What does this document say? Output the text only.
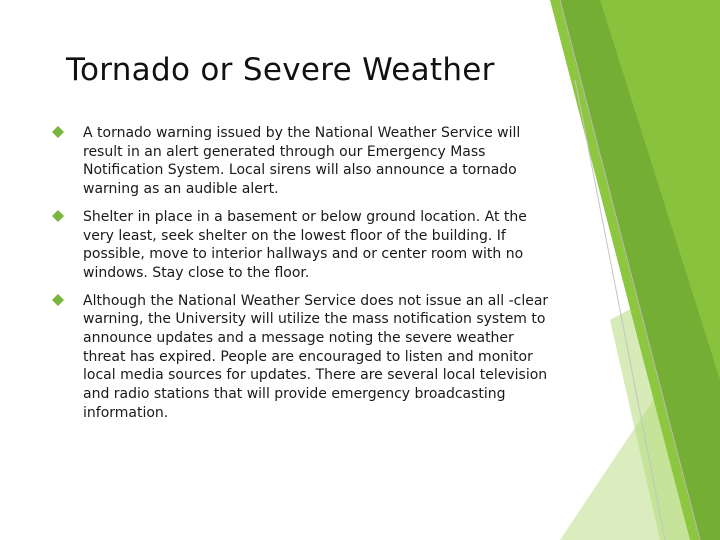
Tornado or Severe Weather
A tornado warning issued by the National Weather Service will result in an alert generated through our Emergency Mass Notification System. Local sirens will also announce a tornado warning as an audible alert.
Shelter in place in a basement or below ground location. At the very least, seek shelter on the lowest floor of the building. If possible, move to interior hallways and or center room with no windows. Stay close to the floor.
Although the National Weather Service does not issue an all -clear warning, the University will utilize the mass notification system to announce updates and a message noting the severe weather threat has expired. People are encouraged to listen and monitor local media sources for updates. There are several local television and radio stations that will provide emergency broadcasting information.
